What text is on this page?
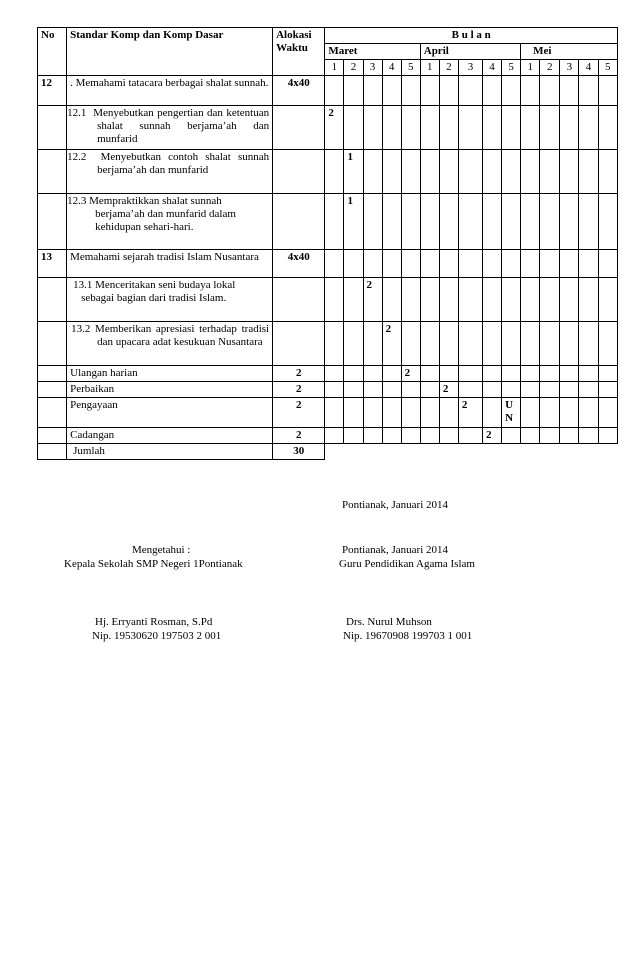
No	Standar Komp dan Komp Dasar	Alokasi
Waktu	B u l a n														
			Maret					April					Mei				
			1	2	3	4	5	1	2	3	4	5	1	2	3	4	5
12	. Memahami tatacara berbagai shalat sunnah.	4x40															
	12.1 Menyebutkan pengertian dan ketentuan shalat sunnah berjama’ah dan munfarid		2														
	12.2 Menyebutkan contoh shalat sunnah berjama’ah dan munfarid			1													
	12.3 Mempraktikkan shalat sunnah berjama’ah dan munfarid dalam kehidupan sehari-hari.			1													
13	Memahami sejarah tradisi Islam Nusantara	4x40															
	13.1 Menceritakan seni budaya lokal sebagai bagian dari tradisi Islam.				2												
	13.2 Memberikan apresiasi terhadap tradisi dan upacara adat kesukuan Nusantara					2											
	Ulangan harian	2					2										
	Perbaikan	2							2								
	Pengayaan	2								2		U N					
	Cadangan	2									2						
	Jumlah	30															
Pontianak, Januari 2014
Mengetahui :
Kepala Sekolah SMP Negeri 1Pontianak
Pontianak, Januari 2014
Guru Pendidikan Agama Islam
Hj. Erryanti Rosman, S.Pd
Nip. 19530620 197503 2 001
Drs. Nurul Muhson
Nip. 19670908 199703 1 001
